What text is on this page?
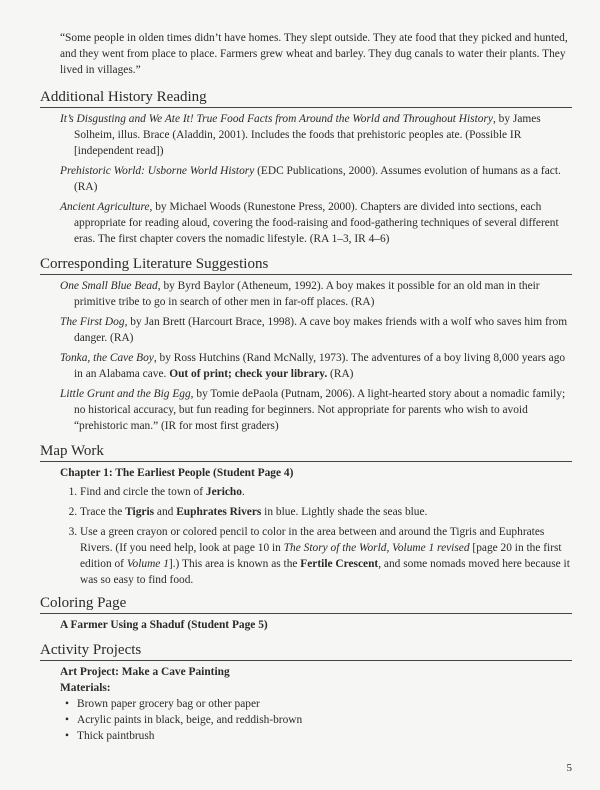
“Some people in olden times didn’t have homes. They slept outside. They ate food that they picked and hunted, and they went from place to place. Farmers grew wheat and barley. They dug canals to water their plants. They lived in villages.”

Additional History Reading

It’s Disgusting and We Ate It! True Food Facts from Around the World and Throughout History, by James Solheim, illus. Brace (Aladdin, 2001). Includes the foods that prehistoric peoples ate. (Possible IR [independent read])

Prehistoric World: Usborne World History (EDC Publications, 2000). Assumes evolution of humans as a fact. (RA)

Ancient Agriculture, by Michael Woods (Runestone Press, 2000). Chapters are divided into sections, each appropriate for reading aloud, covering the food-raising and food-gathering techniques of several different eras. The first chapter covers the nomadic lifestyle. (RA 1–3, IR 4–6)

Corresponding Literature Suggestions

One Small Blue Bead, by Byrd Baylor (Atheneum, 1992). A boy makes it possible for an old man in their primitive tribe to go in search of other men in far-off places. (RA)

The First Dog, by Jan Brett (Harcourt Brace, 1998). A cave boy makes friends with a wolf who saves him from danger. (RA)

Tonka, the Cave Boy, by Ross Hutchins (Rand McNally, 1973). The adventures of a boy living 8,000 years ago in an Alabama cave. Out of print; check your library. (RA)

Little Grunt and the Big Egg, by Tomie dePaola (Putnam, 2006). A light-hearted story about a nomadic family; no historical accuracy, but fun reading for beginners. Not appropriate for parents who wish to avoid “prehistoric man.” (IR for most first graders)

Map Work

Chapter 1: The Earliest People (Student Page 4)

1. Find and circle the town of Jericho.
2. Trace the Tigris and Euphrates Rivers in blue. Lightly shade the seas blue.
3. Use a green crayon or colored pencil to color in the area between and around the Tigris and Euphrates Rivers. (If you need help, look at page 10 in The Story of the World, Volume 1 revised [page 20 in the first edition of Volume 1].) This area is known as the Fertile Crescent, and some nomads moved here because it was so easy to find food.
Coloring Page

A Farmer Using a Shaduf (Student Page 5)

Activity Projects

Art Project: Make a Cave Painting

Materials:

• Brown paper grocery bag or other paper
• Acrylic paints in black, beige, and reddish-brown
• Thick paintbrush
5
